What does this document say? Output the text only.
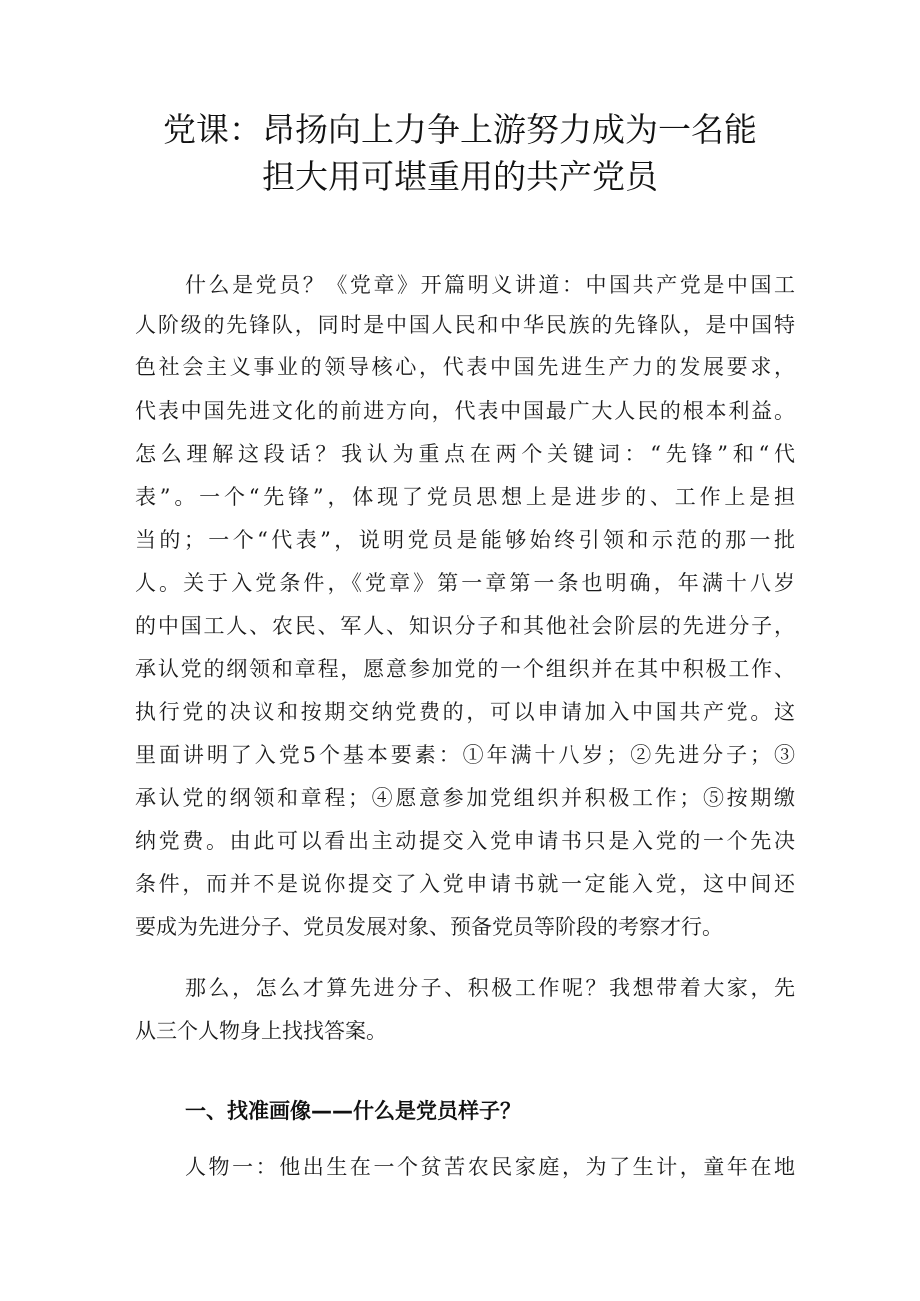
党课：昂扬向上力争上游努力成为一名能
担大用可堪重用的共产党员
什么是党员？《党章》开篇明义讲道：中国共产党是中国工
人阶级的先锋队，同时是中国人民和中华民族的先锋队，是中国特
色社会主义事业的领导核心，代表中国先进生产力的发展要求，
代表中国先进文化的前进方向，代表中国最广大人民的根本利益。
怎么理解这段话？我认为重点在两个关键词：“先锋”和“代
表”。一个“先锋”，体现了党员思想上是进步的、工作上是担
当的；一个“代表”，说明党员是能够始终引领和示范的那一批
人。关于入党条件，《党章》第一章第一条也明确，年满十八岁
的中国工人、农民、军人、知识分子和其他社会阶层的先进分子，
承认党的纲领和章程，愿意参加党的一个组织并在其中积极工作、
执行党的决议和按期交纳党费的，可以申请加入中国共产党。这
里面讲明了入党5个基本要素：①年满十八岁；②先进分子；③
承认党的纲领和章程；④愿意参加党组织并积极工作；⑤按期缴
纳党费。由此可以看出主动提交入党申请书只是入党的一个先决
条件，而并不是说你提交了入党申请书就一定能入党，这中间还
要成为先进分子、党员发展对象、预备党员等阶段的考察才行。
那么，怎么才算先进分子、积极工作呢？我想带着大家，先
从三个人物身上找找答案。
一、找准画像——什么是党员样子？
人物一：他出生在一个贫苦农民家庭，为了生计，童年在地
